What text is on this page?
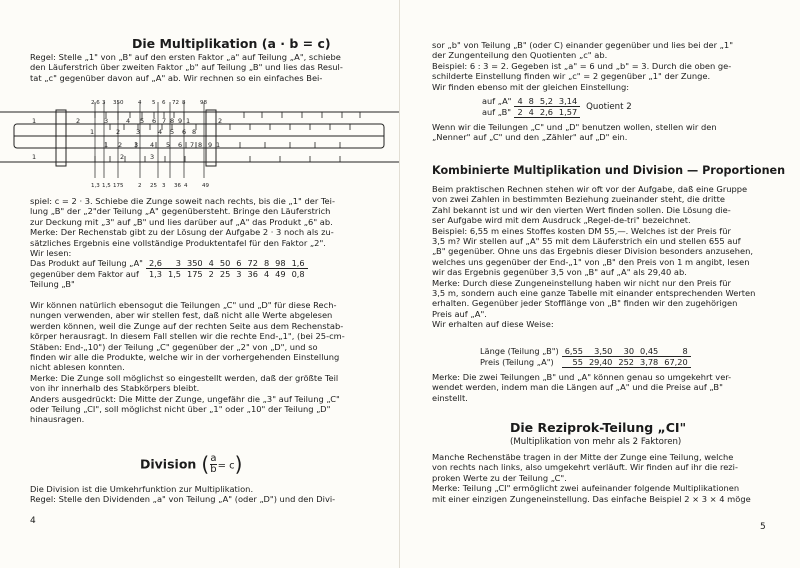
Die Multiplikation (a · b = c)
Regel: Stelle „1" von „B" auf den ersten Faktor „a" auf Teilung „A", schiebe
den Läuferstrich über zweiten Faktor „b" auf Teilung „B" und lies das Resul-
tat „c" gegenüber davon auf „A" ab. Wir rechnen so ein einfaches Bei-
1	2	3	4 5 6 7 8 9 1	2
1	2 3	4 5 6 8
1 2 3 4 5 6 7 8 9 1
1	2	3
2,6 3 350	4 5 6 72 8	98
1,3 1,5 175	2 25 3 36 4	49
spiel: c = 2 · 3. Schiebe die Zunge soweit nach rechts, bis die „1" der Tei-
lung „B" der „2"der Teilung „A" gegenübersteht. Bringe den Läuferstrich
zur Deckung mit „3" auf „B" und lies darüber auf „A" das Produkt „6" ab.
Merke: Der Rechenstab gibt zu der Lösung der Aufgabe 2 · 3 noch als zu-
sätzliches Ergebnis eine vollständige Produktentafel für den Faktor „2".
Wir lesen:
Das Produkt auf Teilung „A"	2,6	3	350	4	50	6	72	8	98	1,6
gegenüber dem Faktor auf	1,3	1,5	175	2	25	3	36	4	49	0,8
Teilung „B"										
Wir können natürlich ebensogut die Teilungen „C" und „D" für diese Rech-
nungen verwenden, aber wir stellen fest, daß nicht alle Werte abgelesen
werden können, weil die Zunge auf der rechten Seite aus dem Rechenstab-
körper herausragt. In diesem Fall stellen wir die rechte End-„1", (bei 25-cm-
Stäben: End-„10") der Teilung „C" gegenüber der „2" von „D", und so
finden wir alle die Produkte, welche wir in der vorhergehenden Einstellung
nicht ablesen konnten.
Merke: Die Zunge soll möglichst so eingestellt werden, daß der größte Teil
von ihr innerhalb des Stabkörpers bleibt.
Anders ausgedrückt: Die Mitte der Zunge, ungefähr die „3" auf Teilung „C"
oder Teilung „CI", soll möglichst nicht über „1" oder „10" der Teilung „D"
hinausragen.
Division ( $\frac{a}{b} = c$)
Die Division ist die Umkehrfunktion zur Multiplikation.
Regel: Stelle den Dividenden „a" von Teilung „A" (oder „D") und den Divi-
4
sor „b" von Teilung „B" (oder C) einander gegenüber und lies bei der „1"
der Zungenteilung den Quotienten „c" ab.
Beispiel: 6 : 3 = 2. Gegeben ist „a" = 6 und „b" = 3. Durch die oben ge-
schilderte Einstellung finden wir „c" = 2 gegenüber „1" der Zunge.
Wir finden ebenso mit der gleichen Einstellung:
auf „A"	4	8	5,2	3,14	Quotient 2
auf „B"	2	4	2,6	1,57	
Wenn wir die Teilungen „C" und „D" benutzen wollen, stellen wir den
„Nenner" auf „C" und den „Zähler" auf „D" ein.
Kombinierte Multiplikation und Division — Proportionen
Beim praktischen Rechnen stehen wir oft vor der Aufgabe, daß eine Gruppe
von zwei Zahlen in bestimmten Beziehung zueinander steht, die dritte
Zahl bekannt ist und wir den vierten Wert finden sollen. Die Lösung die-
ser Aufgabe wird mit dem Ausdruck „Regel-de-tri" bezeichnet.
Beispiel: 6,55 m eines Stoffes kosten DM 55,—. Welches ist der Preis für
3,5 m? Wir stellen auf „A" 55 mit dem Läuferstrich ein und stellen 655 auf
„B" gegenüber. Ohne uns das Ergebnis dieser Division besonders anzusehen,
welches uns gegenüber der End-„1" von „B" den Preis von 1 m angibt, lesen
wir das Ergebnis gegenüber 3,5 von „B" auf „A" als 29,40 ab.
Merke: Durch diese Zungeneinstellung haben wir nicht nur den Preis für
3,5 m, sondern auch eine ganze Tabelle mit einander entsprechenden Werten
erhalten. Gegenüber jeder Stofflänge von „B" finden wir den zugehörigen
Preis auf „A".
Wir erhalten auf diese Weise:
Länge (Teilung „B")	6,55	3,50	30	0,45	8
Preis (Teilung „A")	55	29,40	252	3,78	67,20
Merke: Die zwei Teilungen „B" und „A" können genau so umgekehrt ver-
wendet werden, indem man die Längen auf „A" und die Preise auf „B"
einstellt.
Die Reziprok-Teilung „CI"
(Multiplikation von mehr als 2 Faktoren)
Manche Rechenstäbe tragen in der Mitte der Zunge eine Teilung, welche
von rechts nach links, also umgekehrt verläuft. Wir finden auf ihr die rezi-
proken Werte zu der Teilung „C".
Merke: Teilung „CI" ermöglicht zwei aufeinander folgende Multiplikationen
mit einer einzigen Zungeneinstellung. Das einfache Beispiel 2 × 3 × 4 möge
5
